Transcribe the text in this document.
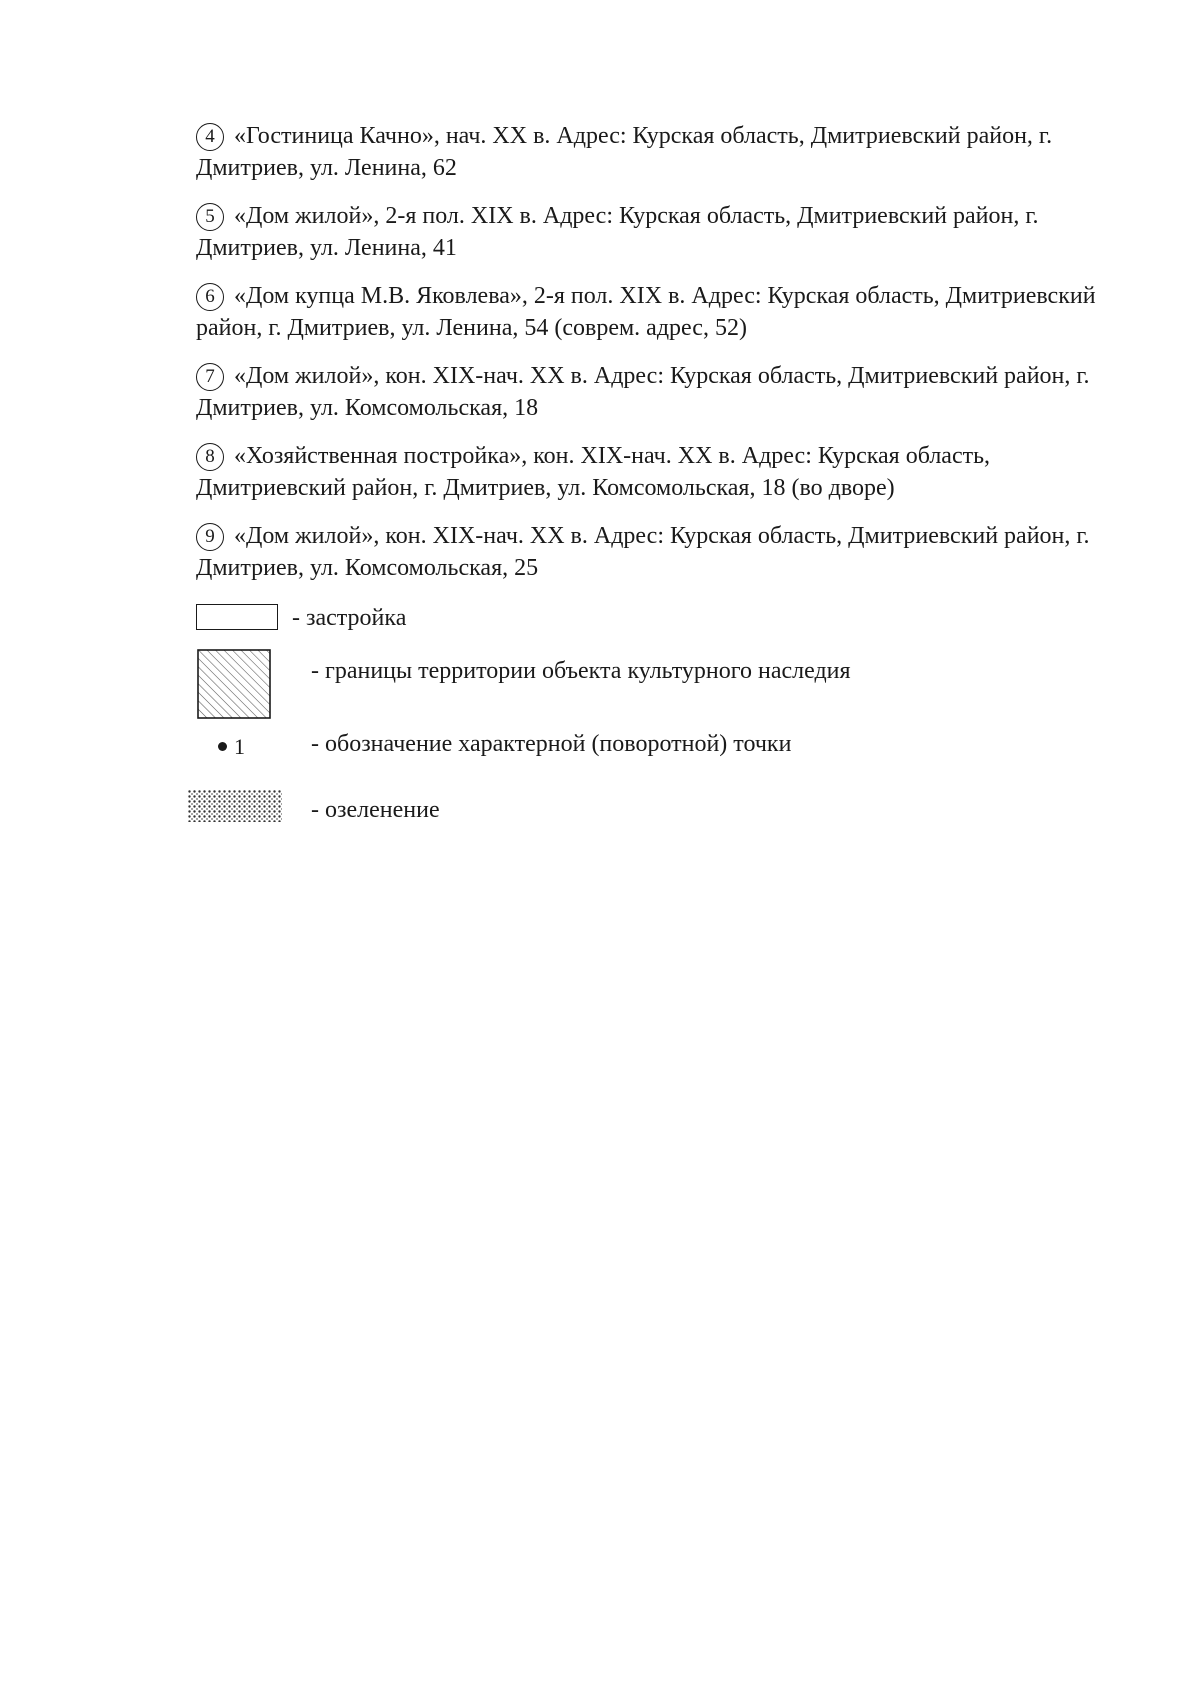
4 «Гостиница Качно», нач. XX в. Адрес: Курская область, Дмитриевский район, г. Дмитриев, ул. Ленина, 62
5 «Дом жилой», 2-я пол. XIX в. Адрес: Курская область, Дмитриевский район, г. Дмитриев, ул. Ленина, 41
6 «Дом купца М.В. Яковлева», 2-я пол. XIX в. Адрес: Курская область, Дмитриевский район, г. Дмитриев, ул. Ленина, 54 (соврем. адрес, 52)
7 «Дом жилой», кон. XIX-нач. XX в. Адрес: Курская область, Дмитриевский район, г. Дмитриев, ул. Комсомольская, 18
8 «Хозяйственная постройка», кон. XIX-нач. XX в. Адрес: Курская область, Дмитриевский район, г. Дмитриев, ул. Комсомольская, 18 (во дворе)
9 «Дом жилой», кон. XIX-нач. XX в. Адрес: Курская область, Дмитриевский район, г. Дмитриев, ул. Комсомольская, 25
- застройка
- границы территории объекта культурного наследия
1	- обозначение характерной (поворотной) точки
- озеленение
